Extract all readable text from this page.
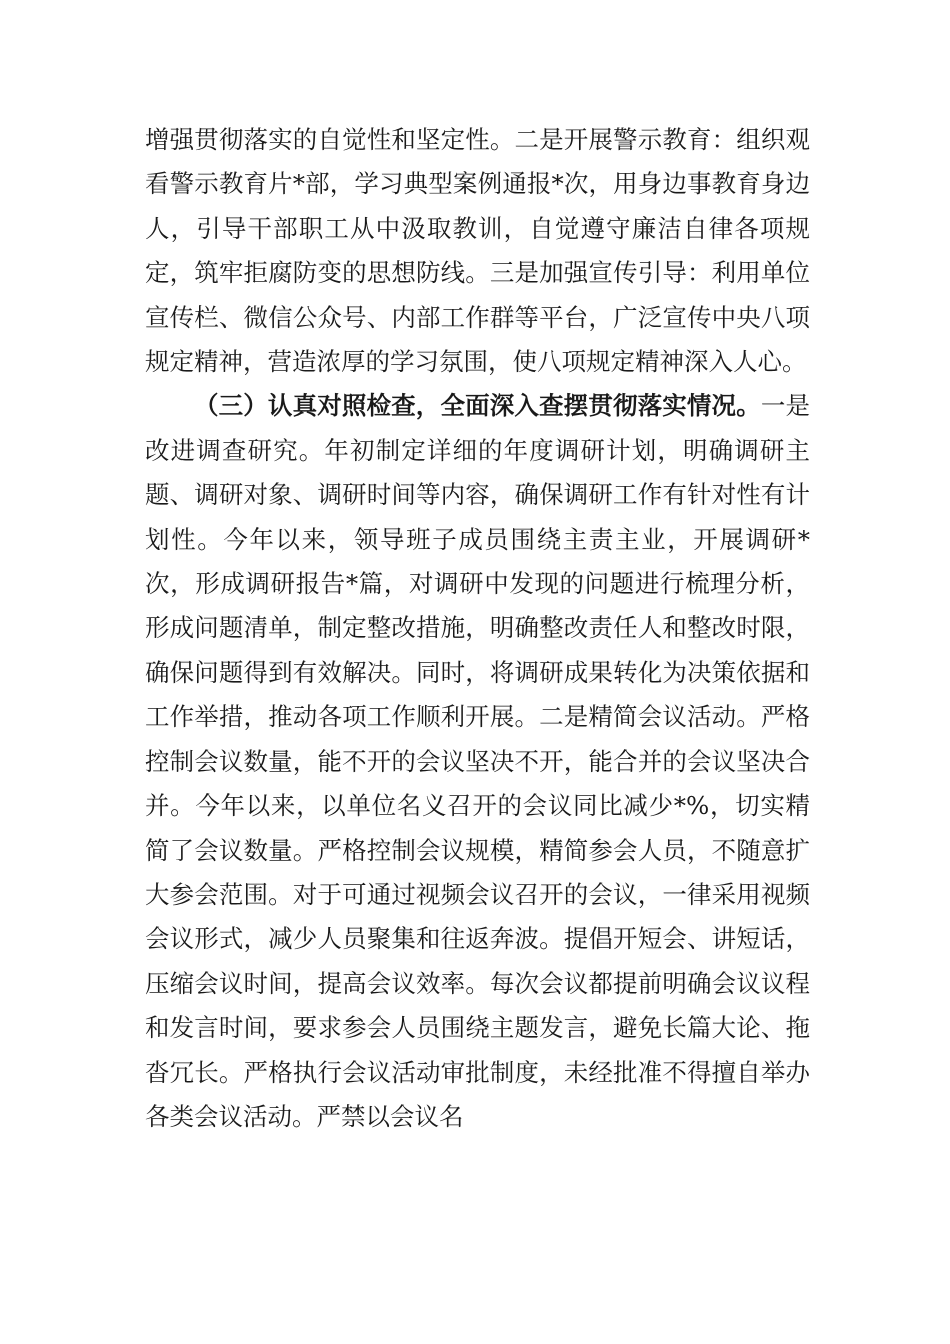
增强贯彻落实的自觉性和坚定性。二是开展警示教育：组织观看警示教育片*部，学习典型案例通报*次，用身边事教育身边人，引导干部职工从中汲取教训，自觉遵守廉洁自律各项规定，筑牢拒腐防变的思想防线。三是加强宣传引导：利用单位宣传栏、微信公众号、内部工作群等平台，广泛宣传中央八项规定精神，营造浓厚的学习氛围，使八项规定精神深入人心。

（三）认真对照检查，全面深入查摆贯彻落实情况。一是改进调查研究。年初制定详细的年度调研计划，明确调研主题、调研对象、调研时间等内容，确保调研工作有针对性有计划性。今年以来，领导班子成员围绕主责主业，开展调研*次，形成调研报告*篇，对调研中发现的问题进行梳理分析，形成问题清单，制定整改措施，明确整改责任人和整改时限，确保问题得到有效解决。同时，将调研成果转化为决策依据和工作举措，推动各项工作顺利开展。二是精简会议活动。严格控制会议数量，能不开的会议坚决不开，能合并的会议坚决合并。今年以来，以单位名义召开的会议同比减少*%，切实精简了会议数量。严格控制会议规模，精简参会人员，不随意扩大参会范围。对于可通过视频会议召开的会议，一律采用视频会议形式，减少人员聚集和往返奔波。提倡开短会、讲短话，压缩会议时间，提高会议效率。每次会议都提前明确会议议程和发言时间，要求参会人员围绕主题发言，避免长篇大论、拖沓冗长。严格执行会议活动审批制度，未经批准不得擅自举办各类会议活动。严禁以会议名
